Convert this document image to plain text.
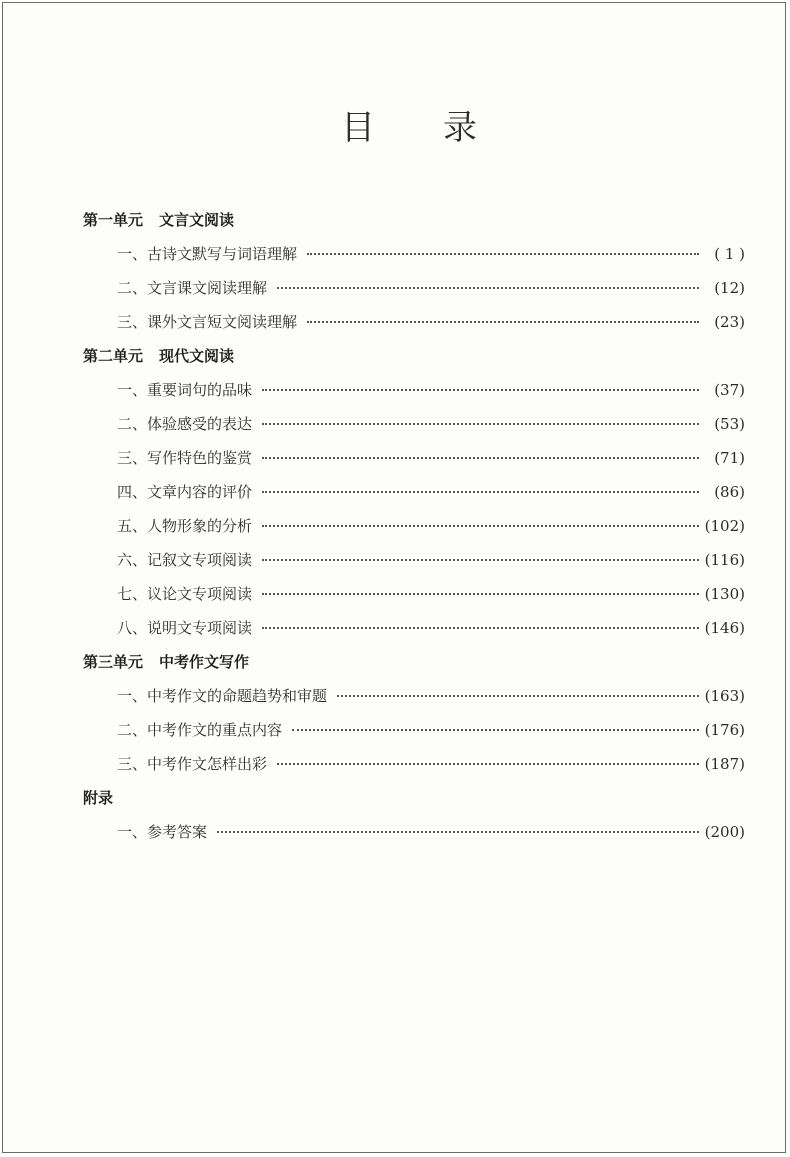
目 录
第一单元 文言文阅读
一、古诗文默写与词语理解	( 1 )
二、文言课文阅读理解	(12)
三、课外文言短文阅读理解	(23)
第二单元 现代文阅读
一、重要词句的品味	(37)
二、体验感受的表达	(53)
三、写作特色的鉴赏	(71)
四、文章内容的评价	(86)
五、人物形象的分析	(102)
六、记叙文专项阅读	(116)
七、议论文专项阅读	(130)
八、说明文专项阅读	(146)
第三单元 中考作文写作
一、中考作文的命题趋势和审题	(163)
二、中考作文的重点内容	(176)
三、中考作文怎样出彩	(187)
附录
一、参考答案	(200)
